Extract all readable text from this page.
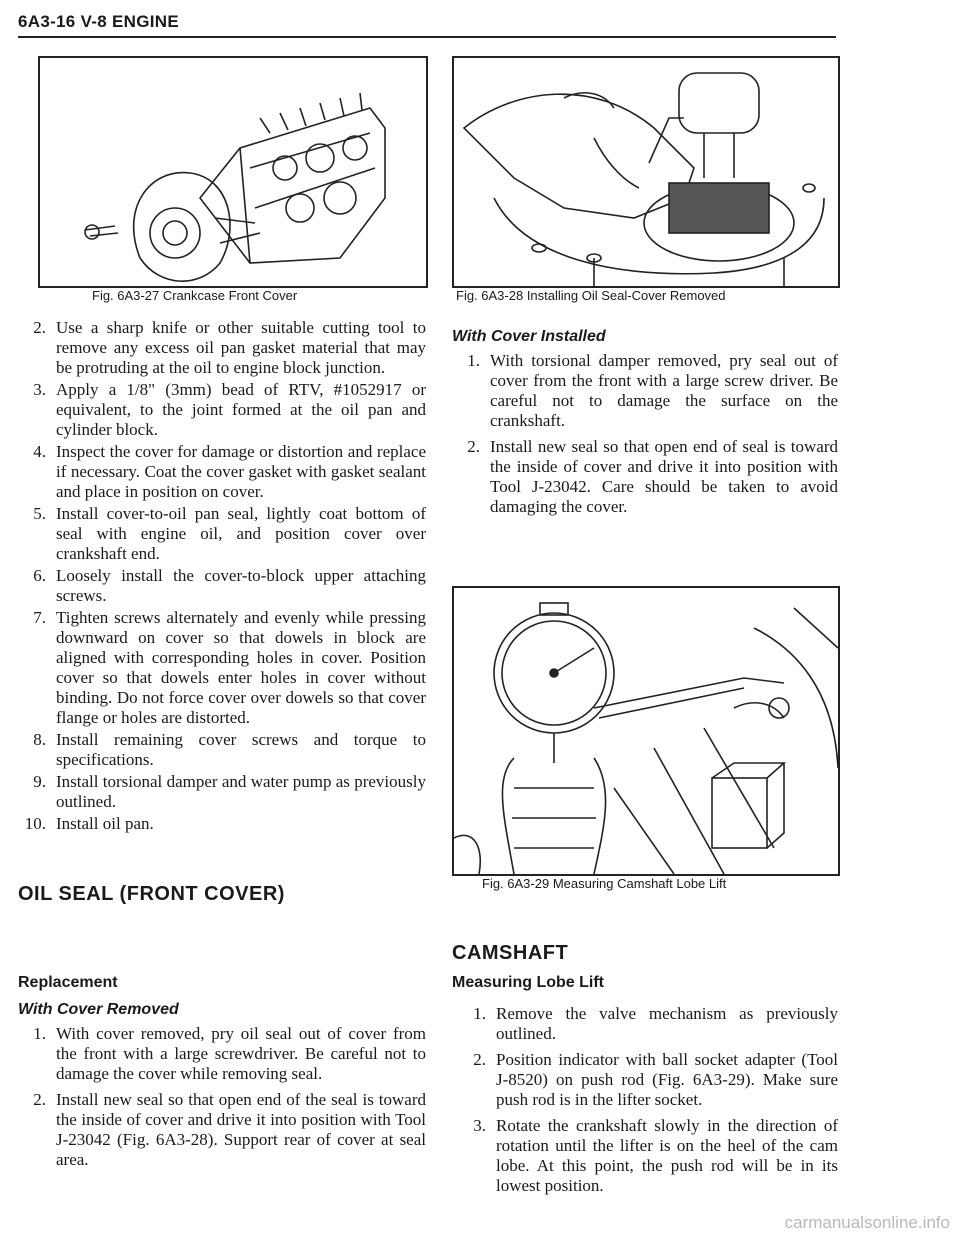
6A3-16 V-8 ENGINE
Fig. 6A3-27 Crankcase Front Cover	Fig. 6A3-28 Installing Oil Seal-Cover Removed
2. Use a sharp knife or other suitable cutting tool to remove any excess oil pan gasket material that may be protruding at the oil to engine block junction.
3. Apply a 1/8" (3mm) bead of RTV, #1052917 or equivalent, to the joint formed at the oil pan and cylinder block.
4. Inspect the cover for damage or distortion and replace if necessary. Coat the cover gasket with gasket sealant and place in position on cover.
5. Install cover-to-oil pan seal, lightly coat bottom of seal with engine oil, and position cover over crankshaft end.
6. Loosely install the cover-to-block upper attaching screws.
7. Tighten screws alternately and evenly while pressing downward on cover so that dowels in block are aligned with corresponding holes in cover. Position cover so that dowels enter holes in cover without binding. Do not force cover over dowels so that cover flange or holes are distorted.
8. Install remaining cover screws and torque to specifications.
9. Install torsional damper and water pump as previously outlined.
10. Install oil pan.
OIL SEAL (FRONT COVER)
Replacement
With Cover Removed
1. With cover removed, pry oil seal out of cover from the front with a large screwdriver. Be careful not to damage the cover while removing seal.
2. Install new seal so that open end of the seal is toward the inside of cover and drive it into position with Tool J-23042 (Fig. 6A3-28). Support rear of cover at seal area.
With Cover Installed
1. With torsional damper removed, pry seal out of cover from the front with a large screw driver. Be careful not to damage the surface on the crankshaft.
2. Install new seal so that open end of seal is toward the inside of cover and drive it into position with Tool J-23042. Care should be taken to avoid damaging the cover.
Fig. 6A3-29 Measuring Camshaft Lobe Lift
CAMSHAFT
Measuring Lobe Lift
1. Remove the valve mechanism as previously outlined.
2. Position indicator with ball socket adapter (Tool J-8520) on push rod (Fig. 6A3-29). Make sure push rod is in the lifter socket.
3. Rotate the crankshaft slowly in the direction of rotation until the lifter is on the heel of the cam lobe. At this point, the push rod will be in its lowest position.
carmanualsonline.info
